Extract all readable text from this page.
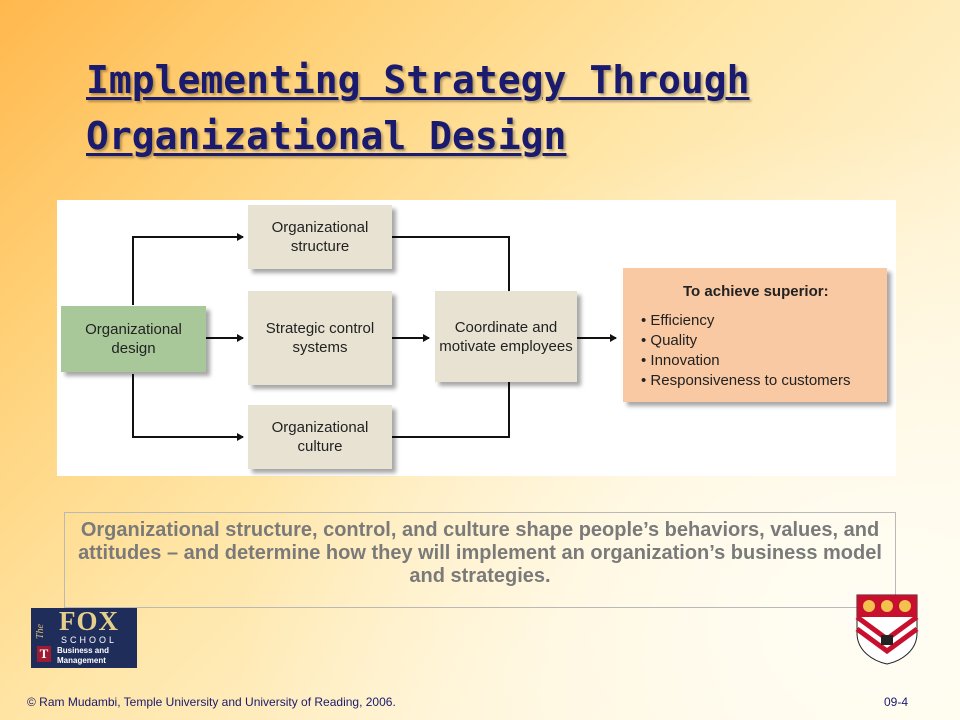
Implementing Strategy Through Organizational Design
Organizational design
Organizational structure
Strategic control systems
Organizational culture
Coordinate and motivate employees
To achieve superior:
• Efficiency
• Quality
• Innovation
• Responsiveness to customers
Organizational structure, control, and culture shape people’s behaviors, values, and attitudes – and determine how they will implement an organization’s business model and strategies.
The FOX
SCHOOL
T	Business and Management
© Ram Mudambi, Temple University and University of Reading, 2006.	09-4
